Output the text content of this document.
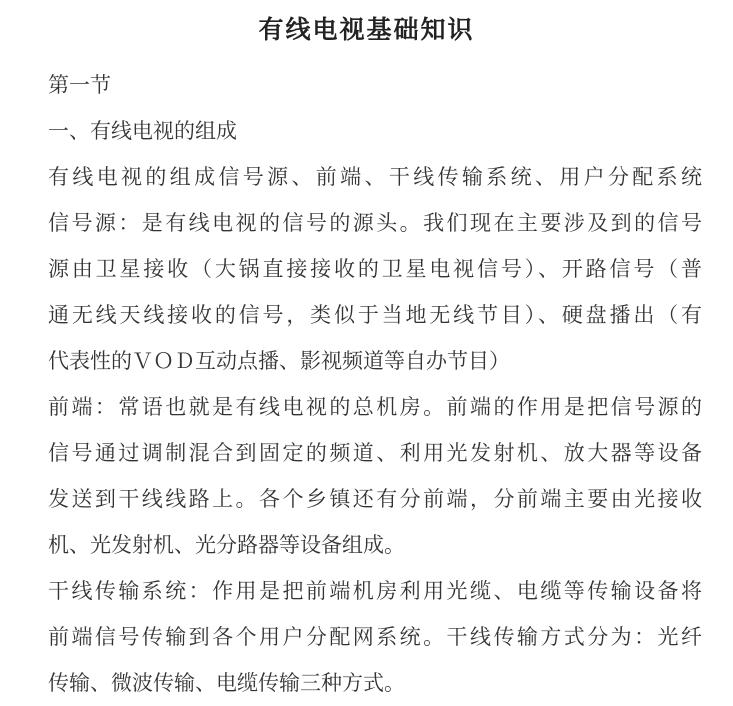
有线电视基础知识
第一节
一、有线电视的组成
有线电视的组成信号源、前端、干线传输系统、用户分配系统
信号源：是有线电视的信号的源头。我们现在主要涉及到的信号
源由卫星接收（大锅直接接收的卫星电视信号）、开路信号（普
通无线天线接收的信号，类似于当地无线节目）、硬盘播出（有
代表性的ＶＯＤ互动点播、影视频道等自办节目）
前端：常语也就是有线电视的总机房。前端的作用是把信号源的
信号通过调制混合到固定的频道、利用光发射机、放大器等设备
发送到干线线路上。各个乡镇还有分前端，分前端主要由光接收
机、光发射机、光分路器等设备组成。
干线传输系统：作用是把前端机房利用光缆、电缆等传输设备将
前端信号传输到各个用户分配网系统。干线传输方式分为：光纤
传输、微波传输、电缆传输三种方式。
